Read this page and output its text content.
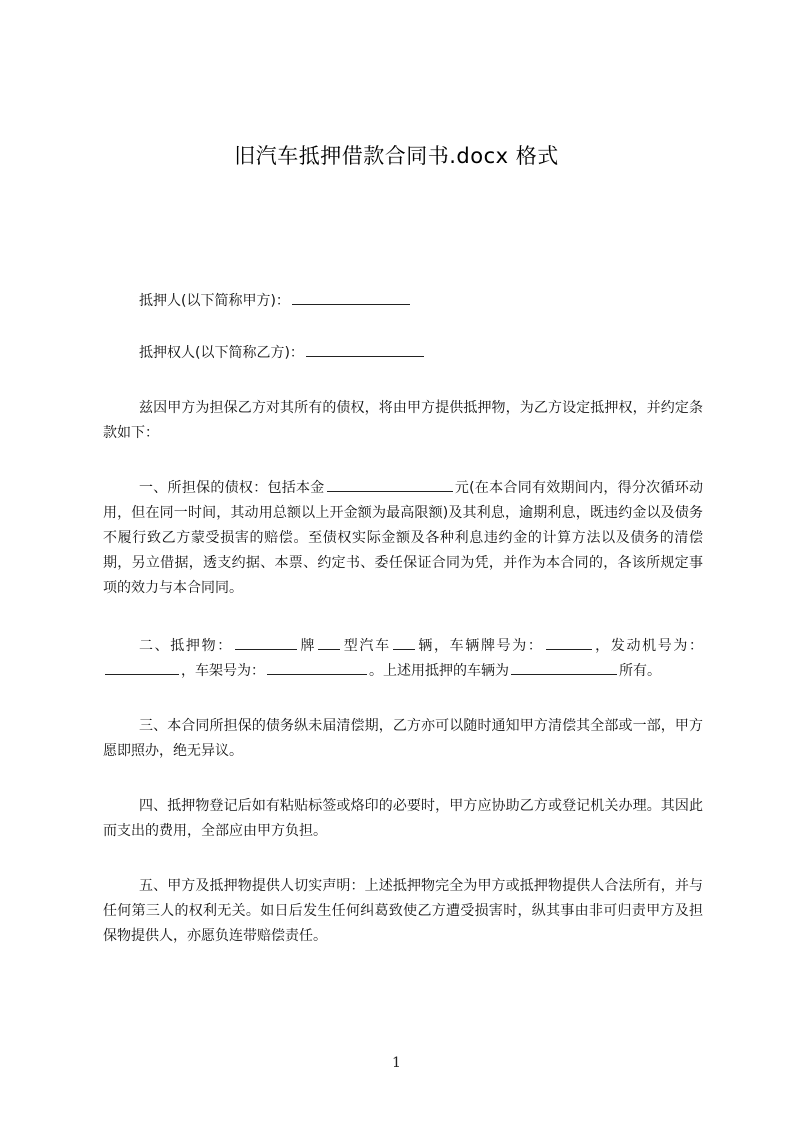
旧汽车抵押借款合同书.docx 格式
抵押人(以下简称甲方)：
抵押权人(以下简称乙方)：
兹因甲方为担保乙方对其所有的债权，将由甲方提供抵押物，为乙方设定抵押权，并约定条款如下：
一、所担保的债权：包括本金	元(在本合同有效期间内，得分次循环动用，但在同一时间，其动用总额以上开金额为最高限额)及其利息，逾期利息，既违约金以及债务不履行致乙方蒙受损害的赔偿。至债权实际金额及各种利息违约金的计算方法以及债务的清偿期，另立借据，透支约据、本票、约定书、委任保证合同为凭，并作为本合同的，各该所规定事项的效力与本合同同。
二、抵押物：	牌 型汽车 辆，车辆牌号为：	，发动机号为：，车架号为：	。上述用抵押的车辆为	所有。
三、本合同所担保的债务纵未届清偿期，乙方亦可以随时通知甲方清偿其全部或一部，甲方愿即照办，绝无异议。
四、抵押物登记后如有粘贴标签或烙印的必要时，甲方应协助乙方或登记机关办理。其因此而支出的费用，全部应由甲方负担。
五、甲方及抵押物提供人切实声明：上述抵押物完全为甲方或抵押物提供人合法所有，并与任何第三人的权利无关。如日后发生任何纠葛致使乙方遭受损害时，纵其事由非可归责甲方及担保物提供人，亦愿负连带赔偿责任。
1
